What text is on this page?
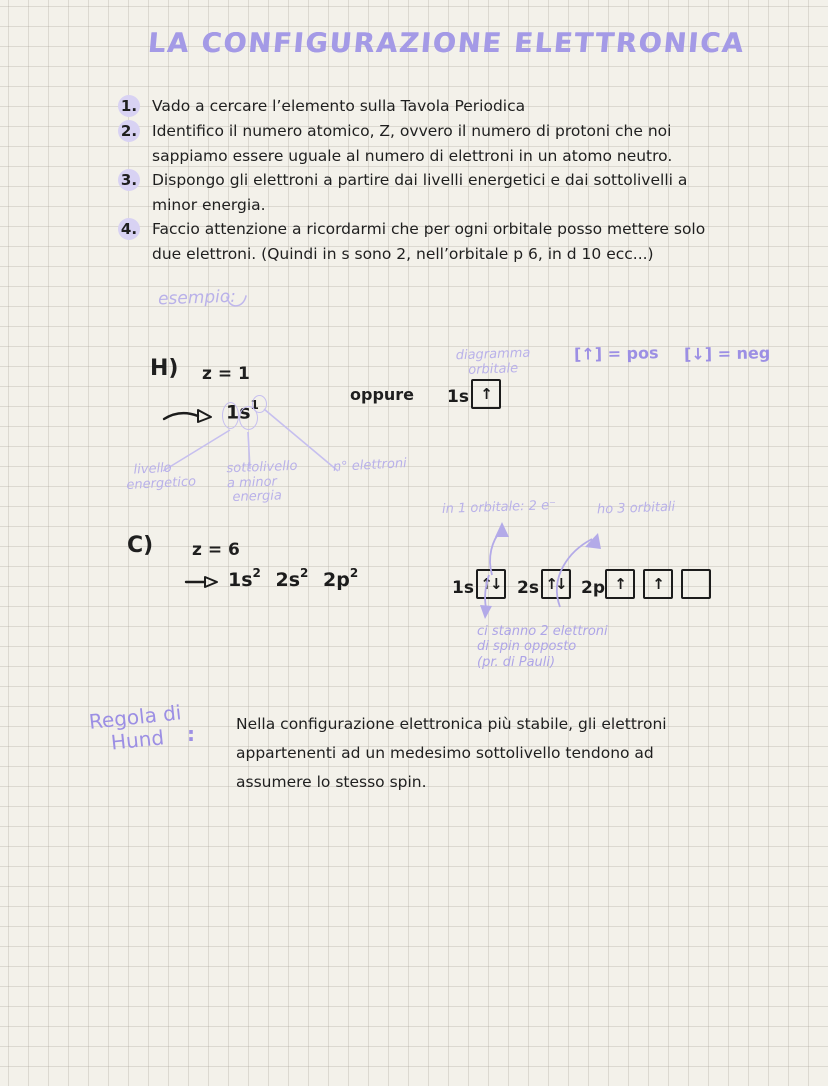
LA CONFIGURAZIONE ELETTRONICA
1. Vado a cercare l’elemento sulla Tavola Periodica
2. Identifico il numero atomico, Z, ovvero il numero di protoni che noi
sappiamo essere uguale al numero di elettroni in un atomo neutro.
3. Dispongo gli elettroni a partire dai livelli energetici e dai sottolivelli a
minor energia.
4. Faccio attenzione a ricordarmi che per ogni orbitale posso mettere solo
due elettroni. (Quindi in s sono 2, nell’orbitale p 6, in d 10 ecc...)
esempio:
H) z = 1
$1s^1$
livello
energetico
sottolivello
a minor
energia
n° elettroni
oppure
diagramma
orbitale
1s ↑
[↑] = pos [↓] = neg
C) z = 6
$1s^2$ $2s^2$ $2p^2$
1s ↑↓	2s ↑↓ 2p ↑	↑
in 1 orbitale: 2 e⁻	ho 3 orbitali
ci stanno 2 elettroni
di spin opposto
(pr. di Pauli)
Regola di
Hund	:	Nella configurazione elettronica più stabile, gli elettroni
appartenenti ad un medesimo sottolivello tendono ad
assumere lo stesso spin.
